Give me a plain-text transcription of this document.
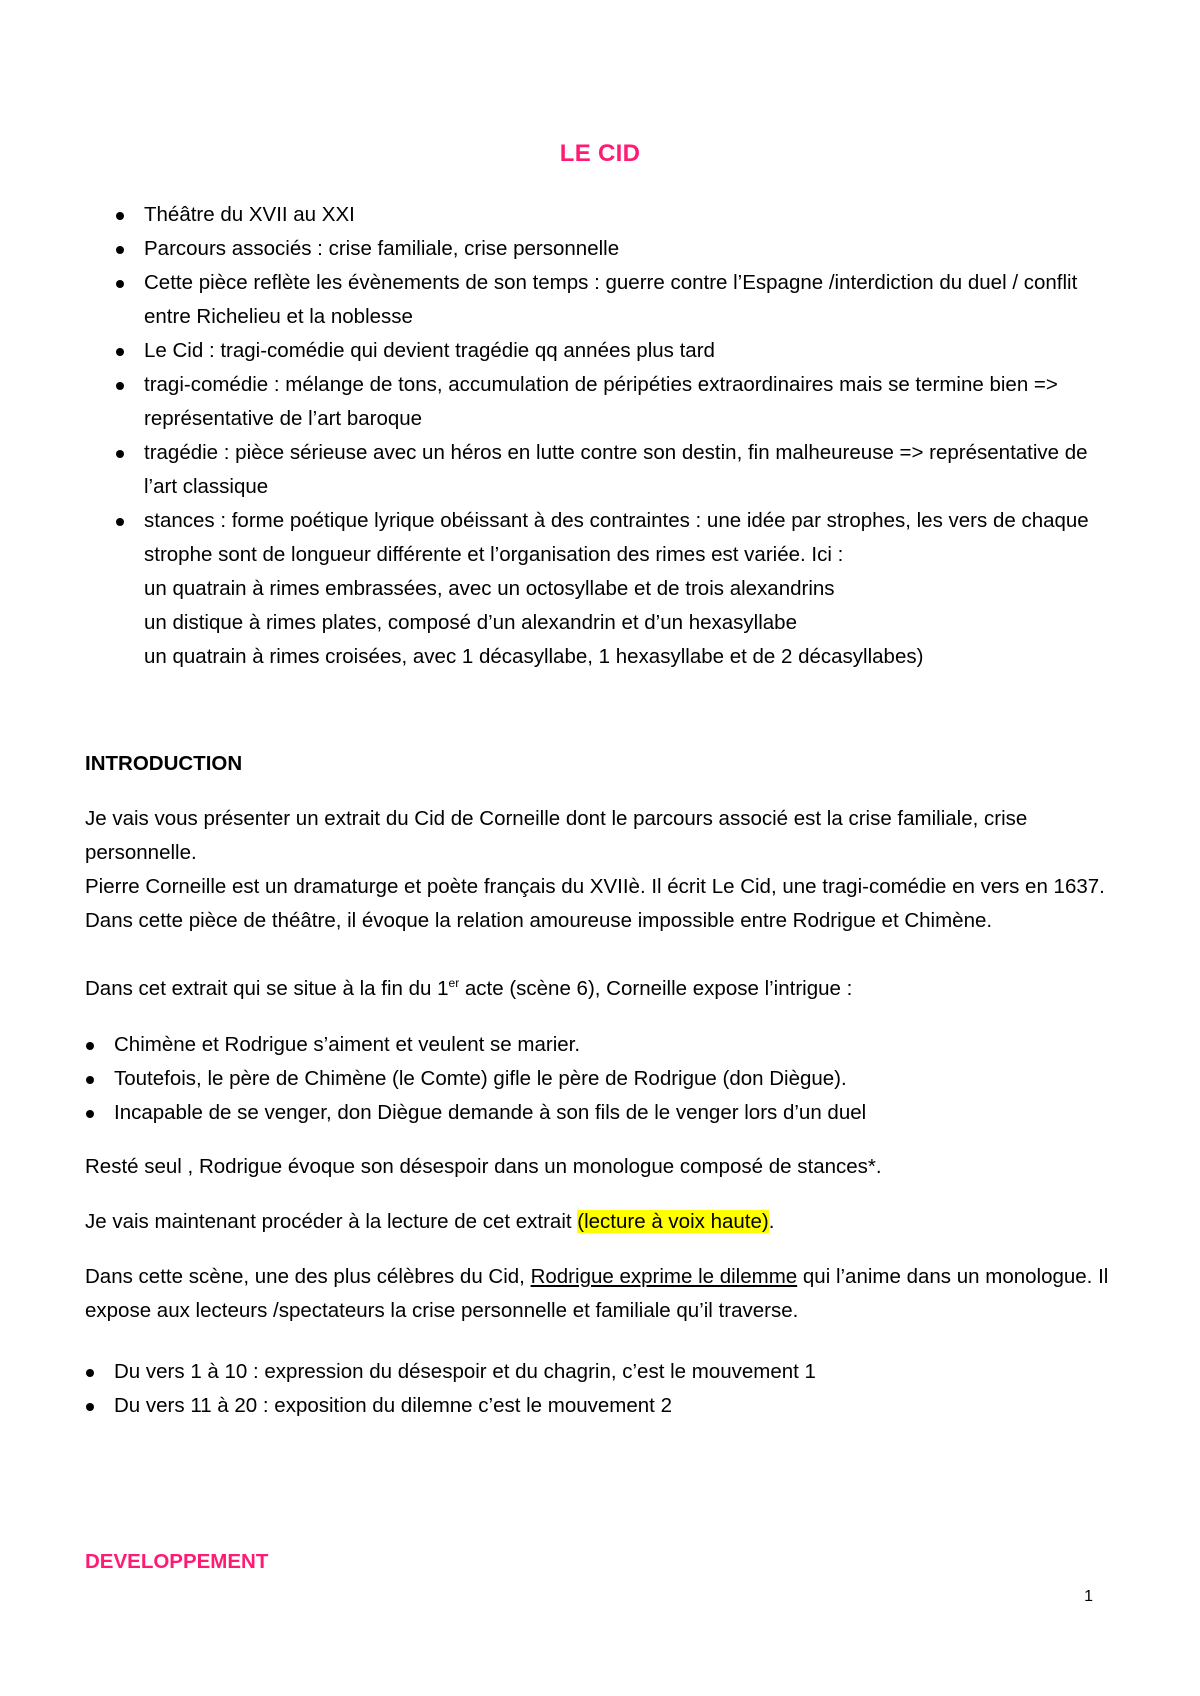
LE CID
Théâtre du XVII au XXI
Parcours associés : crise familiale, crise personnelle
Cette pièce reflète les évènements de son temps : guerre contre l’Espagne /interdiction du duel / conflit entre Richelieu et la noblesse
Le Cid : tragi-comédie qui devient tragédie qq années plus tard
tragi-comédie : mélange de tons, accumulation de péripéties extraordinaires mais se termine bien => représentative de l’art baroque
tragédie : pièce sérieuse avec un héros en lutte contre son destin, fin malheureuse => représentative de l’art classique
stances : forme poétique lyrique obéissant à des contraintes : une idée par strophes, les vers de chaque strophe sont de longueur différente et l’organisation des rimes est variée. Ici :
un quatrain à rimes embrassées, avec un octosyllabe et de trois alexandrins
un distique à rimes plates, composé d’un alexandrin et d’un hexasyllabe
un quatrain à rimes croisées, avec 1 décasyllabe, 1 hexasyllabe et de 2 décasyllabes)
INTRODUCTION
Je vais vous présenter un extrait du Cid de Corneille dont le parcours associé est la crise familiale, crise personnelle.
Pierre Corneille est un dramaturge et poète français du XVIIè. Il écrit Le Cid, une tragi-comédie en vers en 1637. Dans cette pièce de théâtre, il évoque la relation amoureuse impossible entre Rodrigue et Chimène.
Dans cet extrait qui se situe à la fin du 1er acte (scène 6), Corneille expose l’intrigue :
Chimène et Rodrigue s’aiment et veulent se marier.
Toutefois, le père de Chimène (le Comte) gifle le père de Rodrigue (don Diègue).
Incapable de se venger, don Diègue demande à son fils de le venger lors d’un duel
Resté seul , Rodrigue évoque son désespoir dans un monologue composé de stances*.
Je vais maintenant procéder à la lecture de cet extrait (lecture à voix haute).
Dans cette scène, une des plus célèbres du Cid, Rodrigue exprime le dilemme qui l’anime dans un monologue. Il expose aux lecteurs /spectateurs la crise personnelle et familiale qu’il traverse.
Du vers 1 à 10 : expression du désespoir et du chagrin, c’est le mouvement 1
Du vers 11 à 20 : exposition du dilemne c’est le mouvement 2
DEVELOPPEMENT
1
